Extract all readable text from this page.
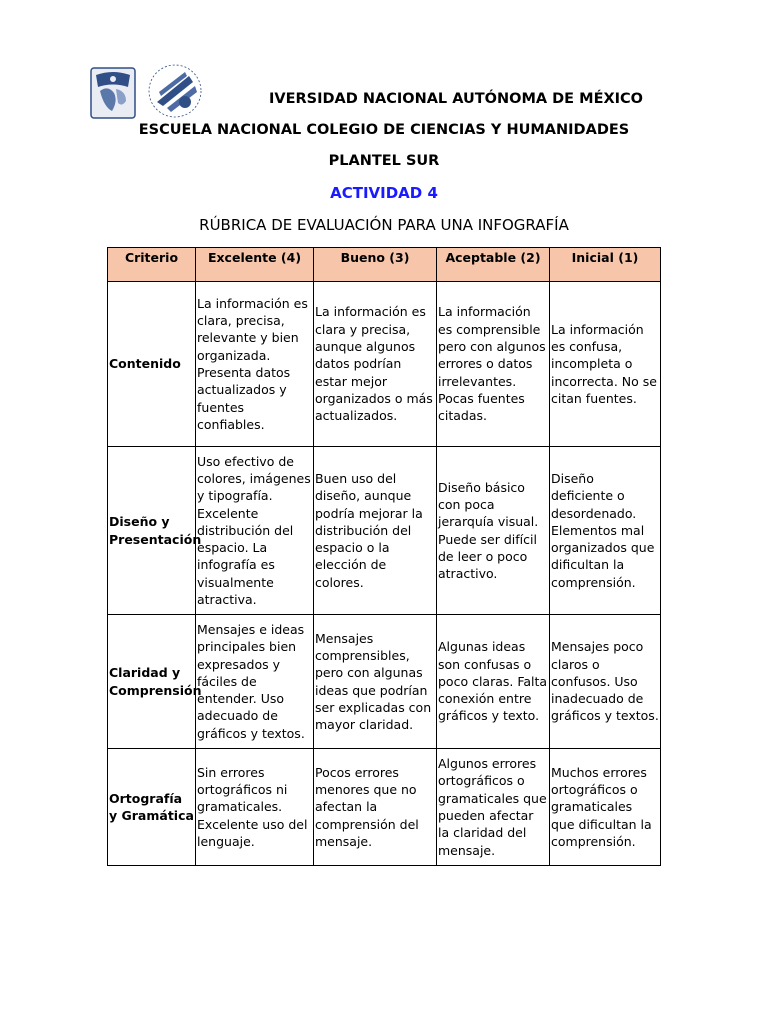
IVERSIDAD NACIONAL AUTÓNOMA DE MÉXICO
ESCUELA NACIONAL COLEGIO DE CIENCIAS Y HUMANIDADES
PLANTEL SUR
ACTIVIDAD 4
RÚBRICA DE EVALUACIÓN PARA UNA INFOGRAFÍA
Criterio	Excelente (4)	Bueno (3)	Aceptable (2)	Inicial (1)
Contenido	La información es clara, precisa, relevante y bien organizada. Presenta datos actualizados y fuentes confiables.	La información es clara y precisa, aunque algunos datos podrían estar mejor organizados o más actualizados.	La información es comprensible pero con algunos errores o datos irrelevantes. Pocas fuentes citadas.	La información es confusa, incompleta o incorrecta. No se citan fuentes.
Diseño y Presentación	Uso efectivo de colores, imágenes y tipografía. Excelente distribución del espacio. La infografía es visualmente atractiva.	Buen uso del diseño, aunque podría mejorar la distribución del espacio o la elección de colores.	Diseño básico con poca jerarquía visual. Puede ser difícil de leer o poco atractivo.	Diseño deficiente o desordenado. Elementos mal organizados que dificultan la comprensión.
Claridad y Comprensión	Mensajes e ideas principales bien expresados y fáciles de entender. Uso adecuado de gráficos y textos.	Mensajes comprensibles, pero con algunas ideas que podrían ser explicadas con mayor claridad.	Algunas ideas son confusas o poco claras. Falta conexión entre gráficos y texto.	Mensajes poco claros o confusos. Uso inadecuado de gráficos y textos.
Ortografía y Gramática	Sin errores ortográficos ni gramaticales. Excelente uso del lenguaje.	Pocos errores menores que no afectan la comprensión del mensaje.	Algunos errores ortográficos o gramaticales que pueden afectar la claridad del mensaje.	Muchos errores ortográficos o gramaticales que dificultan la comprensión.
